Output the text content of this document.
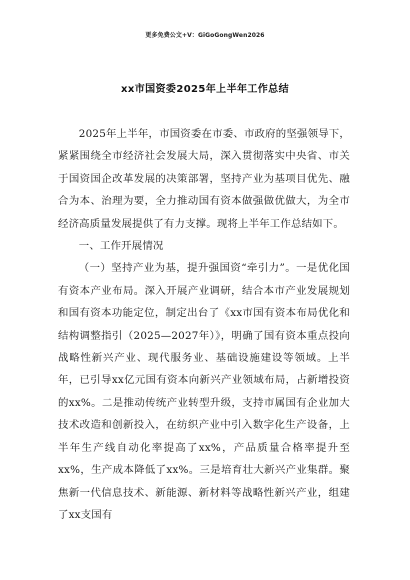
更多免费公文+V：GiGoGongWen2026
xx市国资委2025年上半年工作总结

2025年上半年，市国资委在市委、市政府的坚强领导下，紧紧围绕全市经济社会发展大局，深入贯彻落实中央省、市关于国资国企改革发展的决策部署，坚持产业为基项目优先、融合为本、治理为要，全力推动国有资本做强做优做大，为全市经济高质量发展提供了有力支撑。现将上半年工作总结如下。

一、工作开展情况

（一）坚持产业为基，提升强国资“牵引力”。一是优化国有资本产业布局。深入开展产业调研，结合本市产业发展规划和国有资本功能定位，制定出台了《xx市国有资本布局优化和结构调整指引（2025—2027年）》，明确了国有资本重点投向战略性新兴产业、现代服务业、基础设施建设等领域。上半年，已引导xx亿元国有资本向新兴产业领域布局，占新增投资的xx%。二是推动传统产业转型升级，支持市属国有企业加大技术改造和创新投入，在纺织产业中引入数字化生产设备，上半年生产线自动化率提高了xx%，产品质量合格率提升至xx%，生产成本降低了xx%。三是培育壮大新兴产业集群。聚焦新一代信息技术、新能源、新材料等战略性新兴产业，组建了xx支国有
